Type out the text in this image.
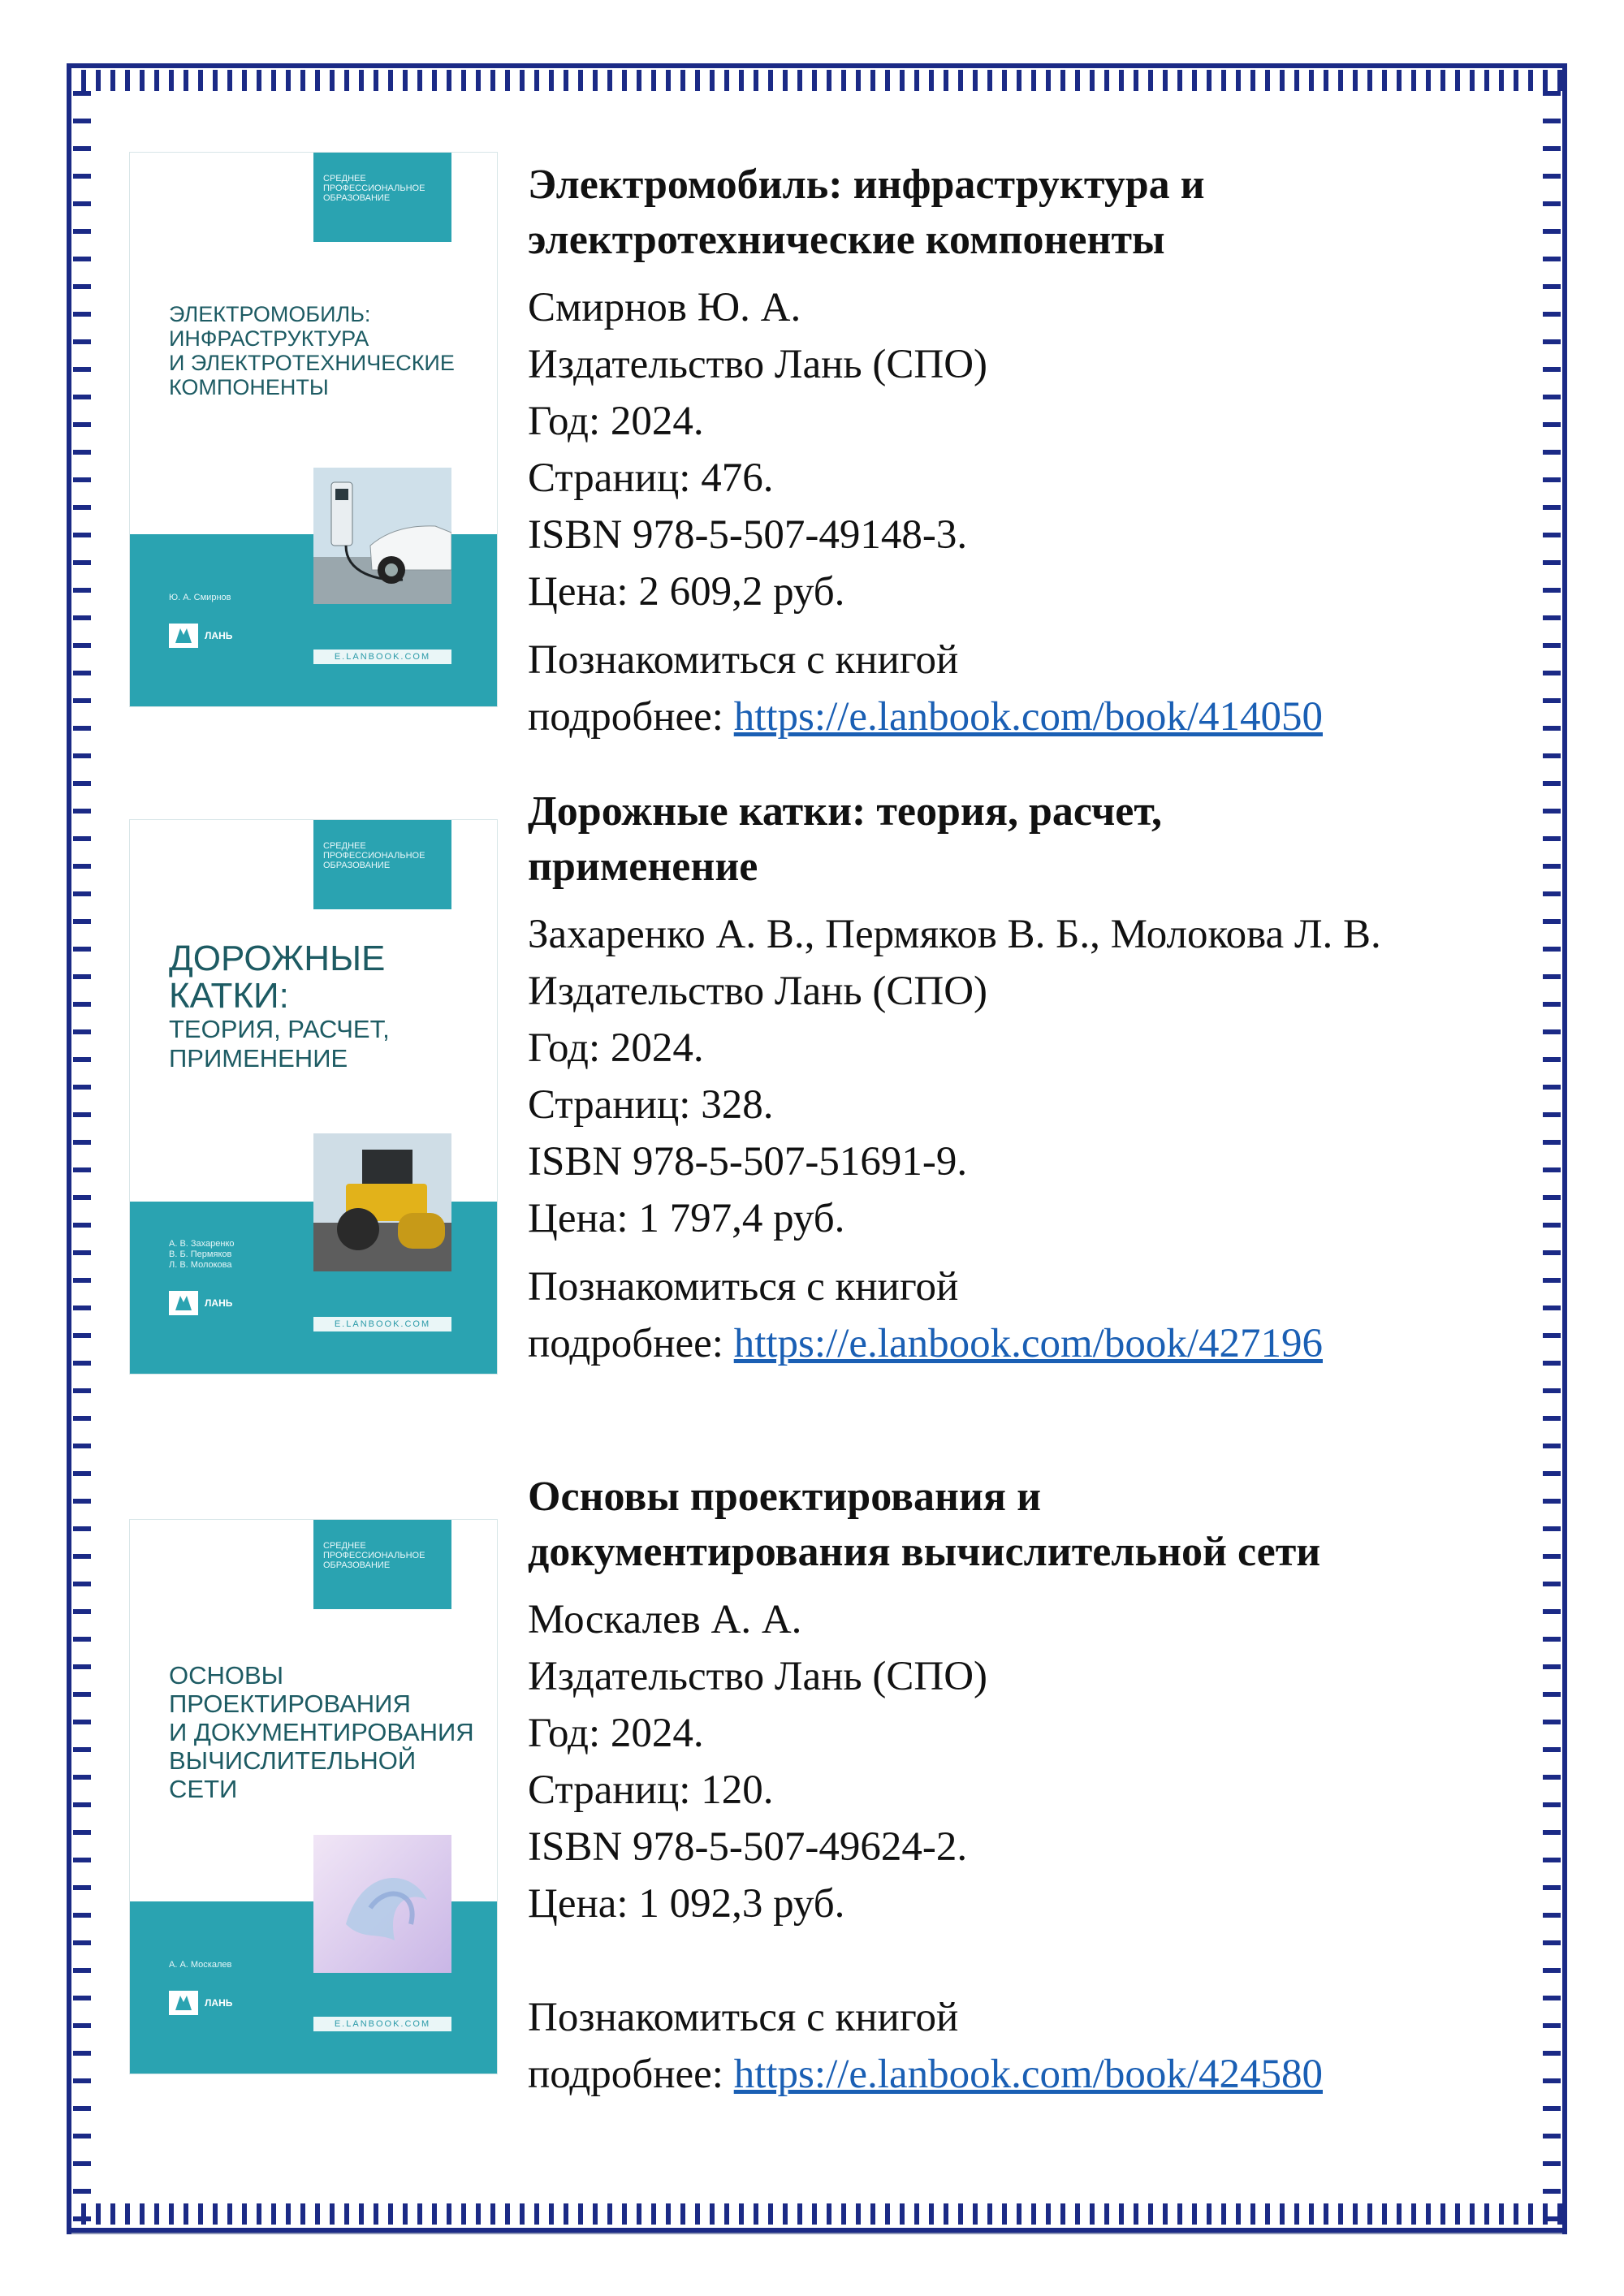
СРЕДНЕЕ ПРОФЕССИОНАЛЬНОЕ ОБРАЗОВАНИЕ
ЭЛЕКТРОМОБИЛЬ:
ИНФРАСТРУКТУРА
И ЭЛЕКТРОТЕХНИЧЕСКИЕ
КОМПОНЕНТЫ
Ю. А. Смирнов
ЛАНЬ
E.LANBOOK.COM

Электромобиль: инфраструктура и
электротехнические компоненты

Смирнов Ю. А.

Издательство Лань (СПО)

Год: 2024.

Страниц: 476.

ISBN 978-5-507-49148-3.

Цена: 2 609,2 руб.

Познакомиться с книгой

подробнее: https://e.lanbook.com/book/414050

СРЕДНЕЕ ПРОФЕССИОНАЛЬНОЕ ОБРАЗОВАНИЕ
ДОРОЖНЫЕ
КАТКИ:
ТЕОРИЯ, РАСЧЕТ,
ПРИМЕНЕНИЕ
А. В. Захаренко
В. Б. Пермяков
Л. В. Молокова
ЛАНЬ
E.LANBOOK.COM

Дорожные катки: теория, расчет,
применение

Захаренко А. В., Пермяков В. Б., Молокова Л. В.

Издательство Лань (СПО)

Год: 2024.

Страниц: 328.

ISBN 978-5-507-51691-9.

Цена: 1 797,4 руб.

Познакомиться с книгой

подробнее: https://e.lanbook.com/book/427196

СРЕДНЕЕ ПРОФЕССИОНАЛЬНОЕ ОБРАЗОВАНИЕ
ОСНОВЫ
ПРОЕКТИРОВАНИЯ
И ДОКУМЕНТИРОВАНИЯ
ВЫЧИСЛИТЕЛЬНОЙ
СЕТИ
А. А. Москалев
ЛАНЬ
E.LANBOOK.COM

Основы проектирования и
документирования вычислительной сети

Москалев А. А.

Издательство Лань (СПО)

Год: 2024.

Страниц: 120.

ISBN 978-5-507-49624-2.

Цена: 1 092,3 руб.

Познакомиться с книгой

подробнее: https://e.lanbook.com/book/424580
